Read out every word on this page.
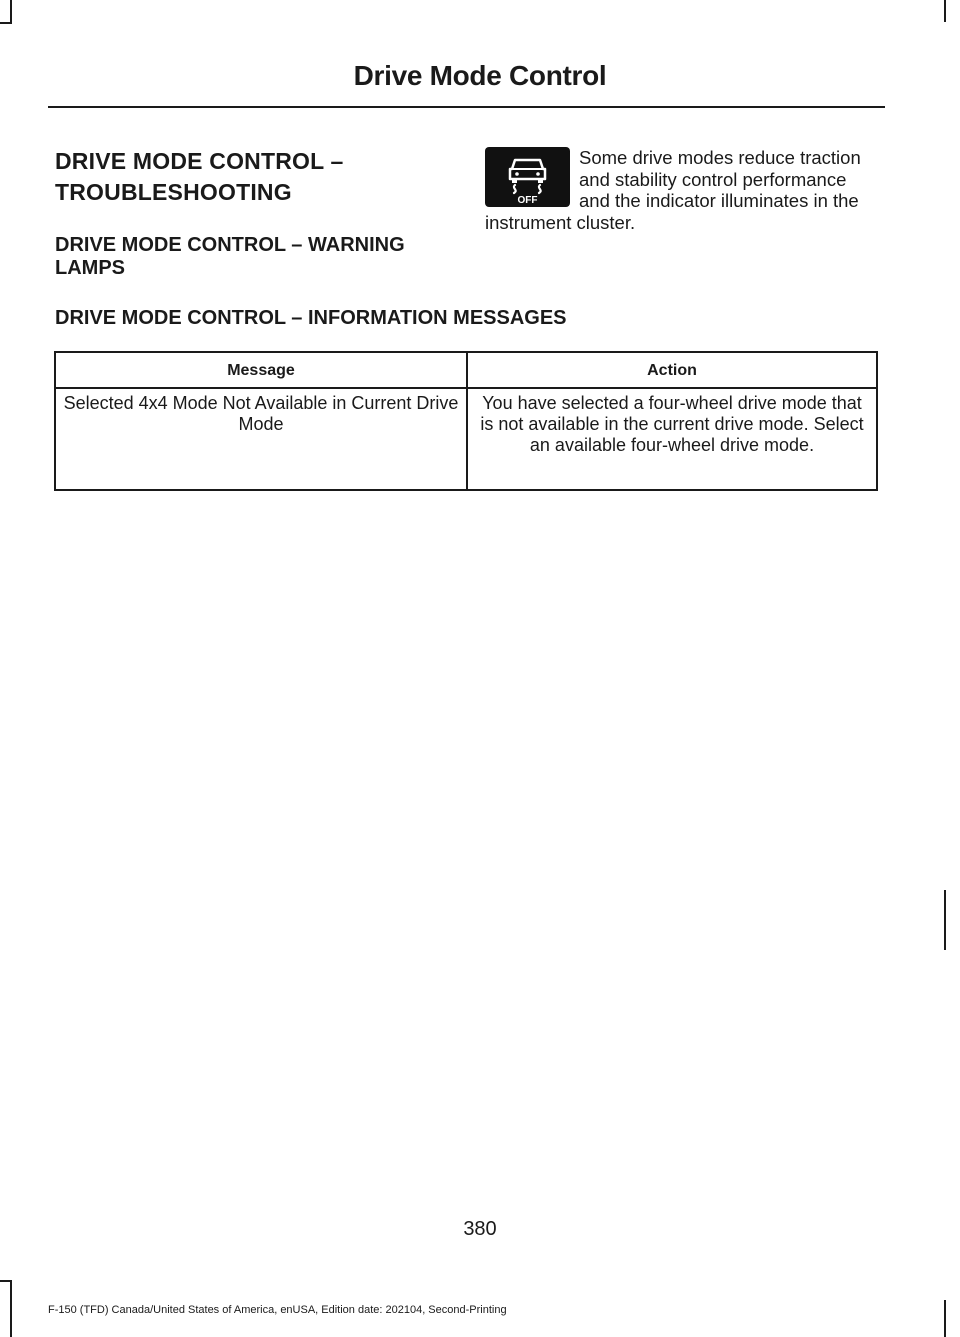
Drive Mode Control
DRIVE MODE CONTROL –
TROUBLESHOOTING
DRIVE MODE CONTROL – WARNING LAMPS
OFF

Some drive modes reduce traction and stability control performance and the indicator illuminates in the instrument cluster.

DRIVE MODE CONTROL – INFORMATION MESSAGES
Message	Action
Selected 4x4 Mode Not Available in Current Drive Mode	You have selected a four-wheel drive mode that is not available in the current drive mode. Select an available four-wheel drive mode.
380
F-150 (TFD) Canada/United States of America, enUSA, Edition date: 202104, Second-Printing
